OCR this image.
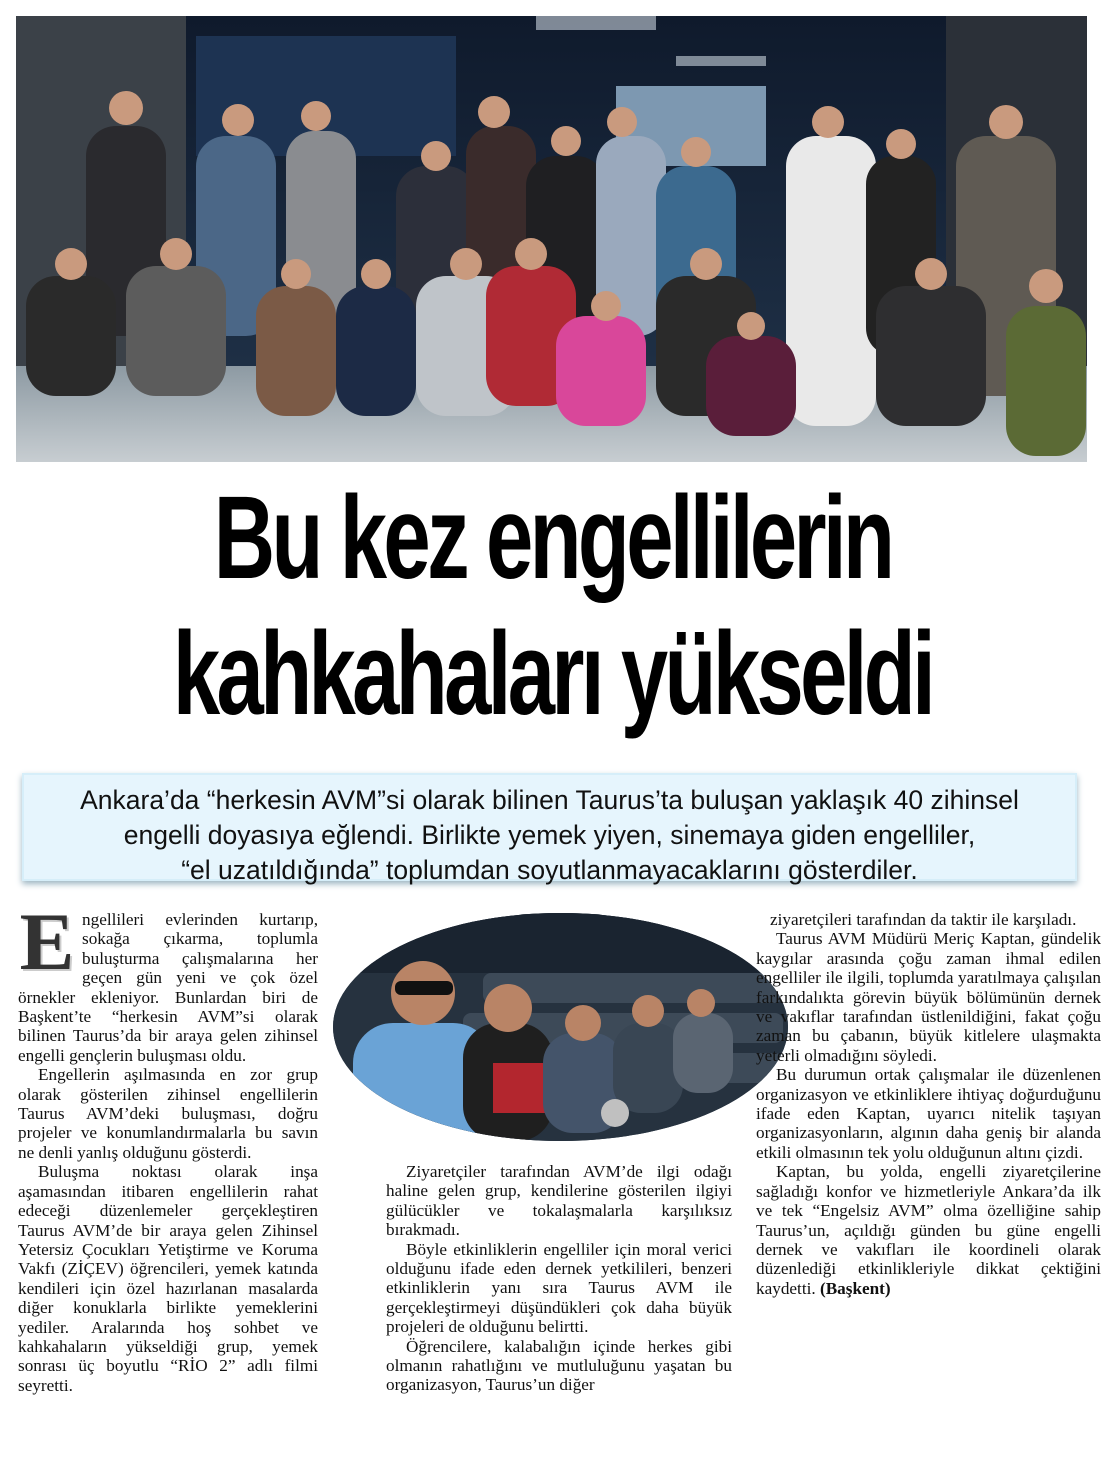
Bu kez engellilerin
kahkahaları yükseldi
Ankara’da “herkesin AVM”si olarak bilinen Taurus’ta buluşan yaklaşık 40 zihinsel
engelli doyasıya eğlendi. Birlikte yemek yiyen, sinemaya giden engelliler,
“el uzatıldığında” toplumdan soyutlanmayacaklarını gösterdiler.

Engellileri evlerinden kurtarıp, sokağa çıkarma, toplumla buluşturma çalışmalarına her geçen gün yeni ve çok özel örnekler ekleniyor. Bunlardan biri de Başkent’te “herkesin AVM”si olarak bilinen Taurus’da bir araya gelen zihinsel engelli gençlerin buluşması oldu.

Engellerin aşılmasında en zor grup olarak gösterilen zihinsel engellilerin Taurus AVM’deki buluşması, doğru projeler ve konumlandırmalarla bu savın ne denli yanlış olduğunu gösterdi.

Buluşma noktası olarak inşa aşamasından itibaren engellilerin rahat edeceği düzenlemeler gerçekleştiren Taurus AVM’de bir araya gelen Zihinsel Yetersiz Çocukları Yetiştirme ve Koruma Vakfı (ZİÇEV) öğrencileri, yemek katında kendileri için özel hazırlanan masalarda diğer konuklarla birlikte yemeklerini yediler. Aralarında hoş sohbet ve kahkahaların yükseldiği grup, yemek sonrası üç boyutlu “RİO 2” adlı filmi seyretti.

Ziyaretçiler tarafından AVM’de ilgi odağı haline gelen grup, kendilerine gösterilen ilgiyi gülücükler ve tokalaşmalarla karşılıksız bırakmadı.

Böyle etkinliklerin engelliler için moral verici olduğunu ifade eden dernek yetkilileri, benzeri etkinliklerin yanı sıra Taurus AVM ile gerçekleştirmeyi düşündükleri çok daha büyük projeleri de olduğunu belirtti.

Öğrencilere, kalabalığın içinde herkes gibi olmanın rahatlığını ve mutluluğunu yaşatan bu organizasyon, Taurus’un diğer

ziyaretçileri tarafından da taktir ile karşıladı.

Taurus AVM Müdürü Meriç Kaptan, gündelik kaygılar arasında çoğu zaman ihmal edilen engelliler ile ilgili, toplumda yaratılmaya çalışılan farkındalıkta görevin büyük bölümünün dernek ve vakıflar tarafından üstlenildiğini, fakat çoğu zaman bu çabanın, büyük kitlelere ulaşmakta yeterli olmadığını söyledi.

Bu durumun ortak çalışmalar ile düzenlenen organizasyon ve etkinliklere ihtiyaç doğurduğunu ifade eden Kaptan, uyarıcı nitelik taşıyan organizasyonların, algının daha geniş bir alanda etkili olmasının tek yolu olduğunun altını çizdi.

Kaptan, bu yolda, engelli ziyaretçilerine sağladığı konfor ve hizmetleriyle Ankara’da ilk ve tek “Engelsiz AVM” olma özelliğine sahip Taurus’un, açıldığı günden bu güne engelli dernek ve vakıfları ile koordineli olarak düzenlediği etkinlikleriyle dikkat çektiğini kaydetti. (Başkent)
